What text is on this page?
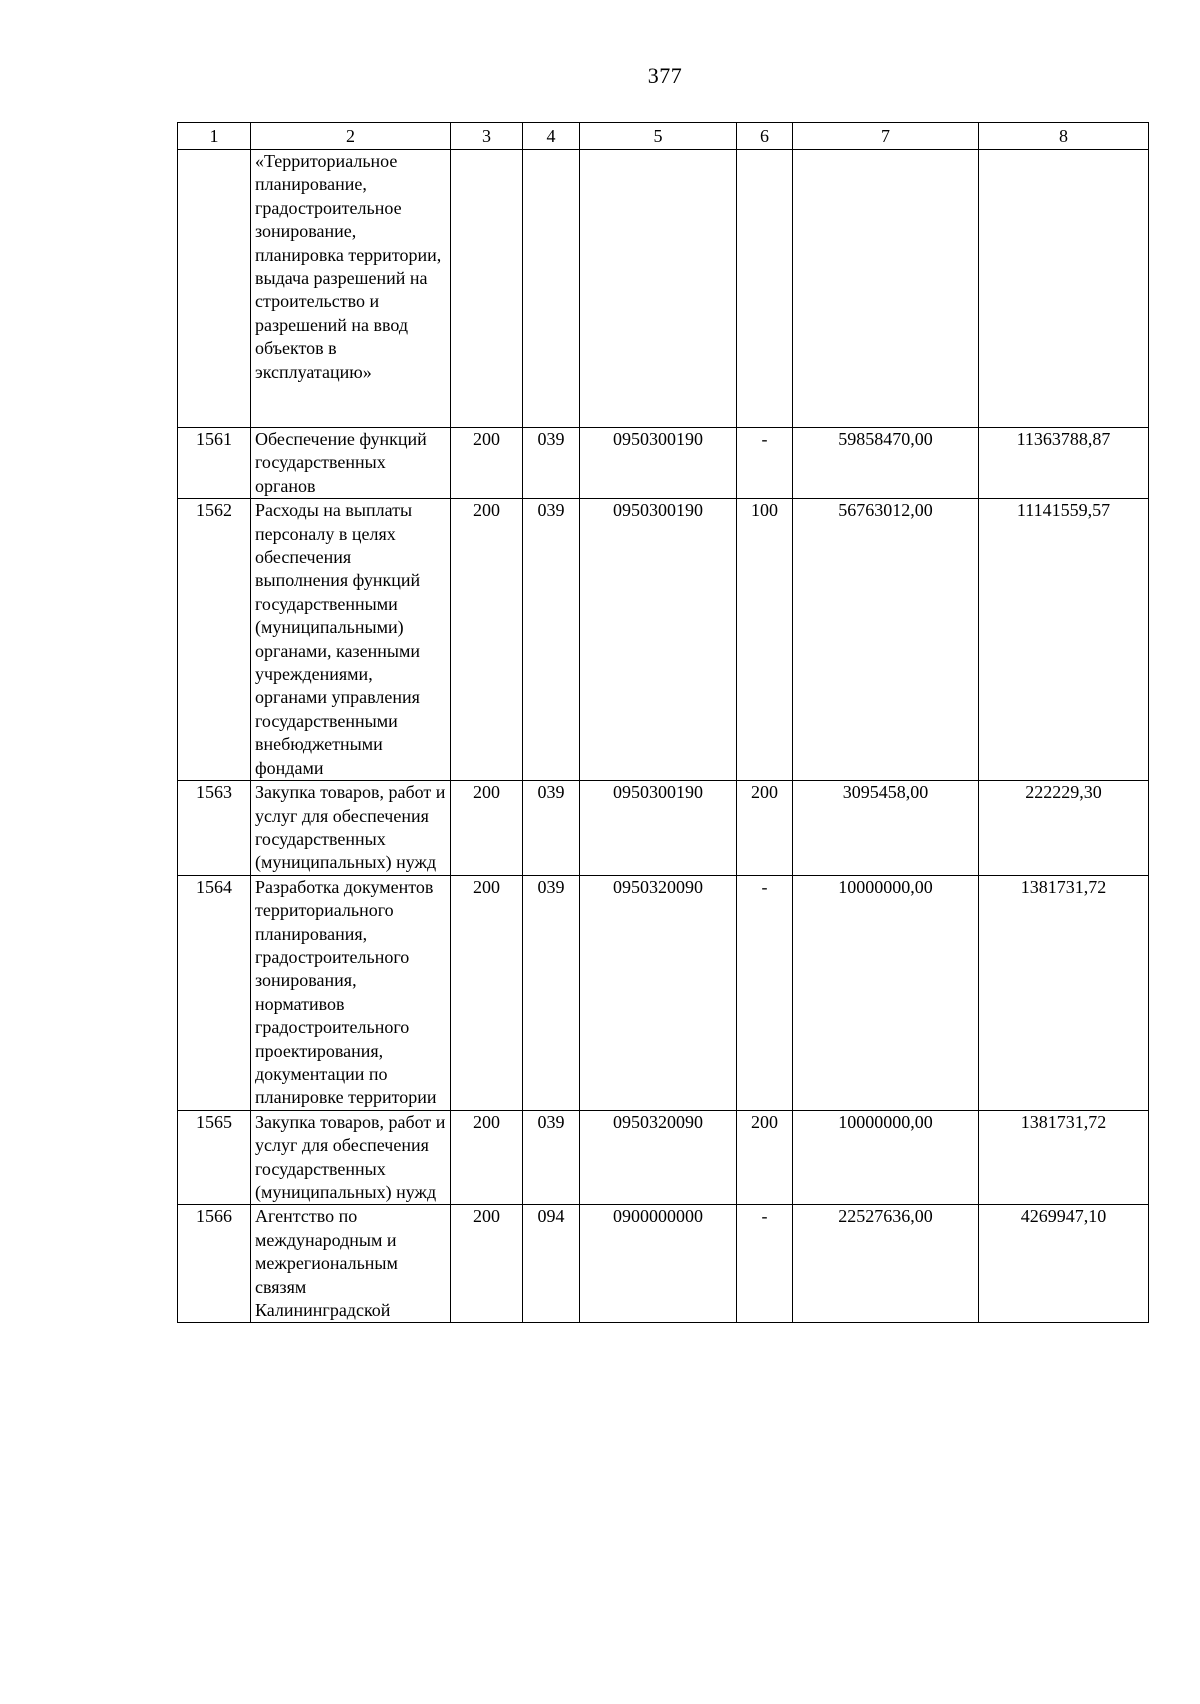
377
1	2	3	4	5	6	7	8
	«Территориальное планирование, градостроительное зонирование, планировка территории, выдача разрешений на строительство и разрешений на ввод объектов в эксплуатацию»						
1561	Обеспечение функций государственных органов	200	039	0950300190	-	59858470,00	11363788,87
1562	Расходы на выплаты персоналу в целях обеспечения выполнения функций государственными (муниципальными) органами, казенными учреждениями, органами управления государственными внебюджетными фондами	200	039	0950300190	100	56763012,00	11141559,57
1563	Закупка товаров, работ и услуг для обеспечения государственных (муниципальных) нужд	200	039	0950300190	200	3095458,00	222229,30
1564	Разработка документов территориального планирования, градостроительного зонирования, нормативов градостроительного проектирования, документации по планировке территории	200	039	0950320090	-	10000000,00	1381731,72
1565	Закупка товаров, работ и услуг для обеспечения государственных (муниципальных) нужд	200	039	0950320090	200	10000000,00	1381731,72
1566	Агентство по международным и межрегиональным связям Калининградской	200	094	0900000000	-	22527636,00	4269947,10
